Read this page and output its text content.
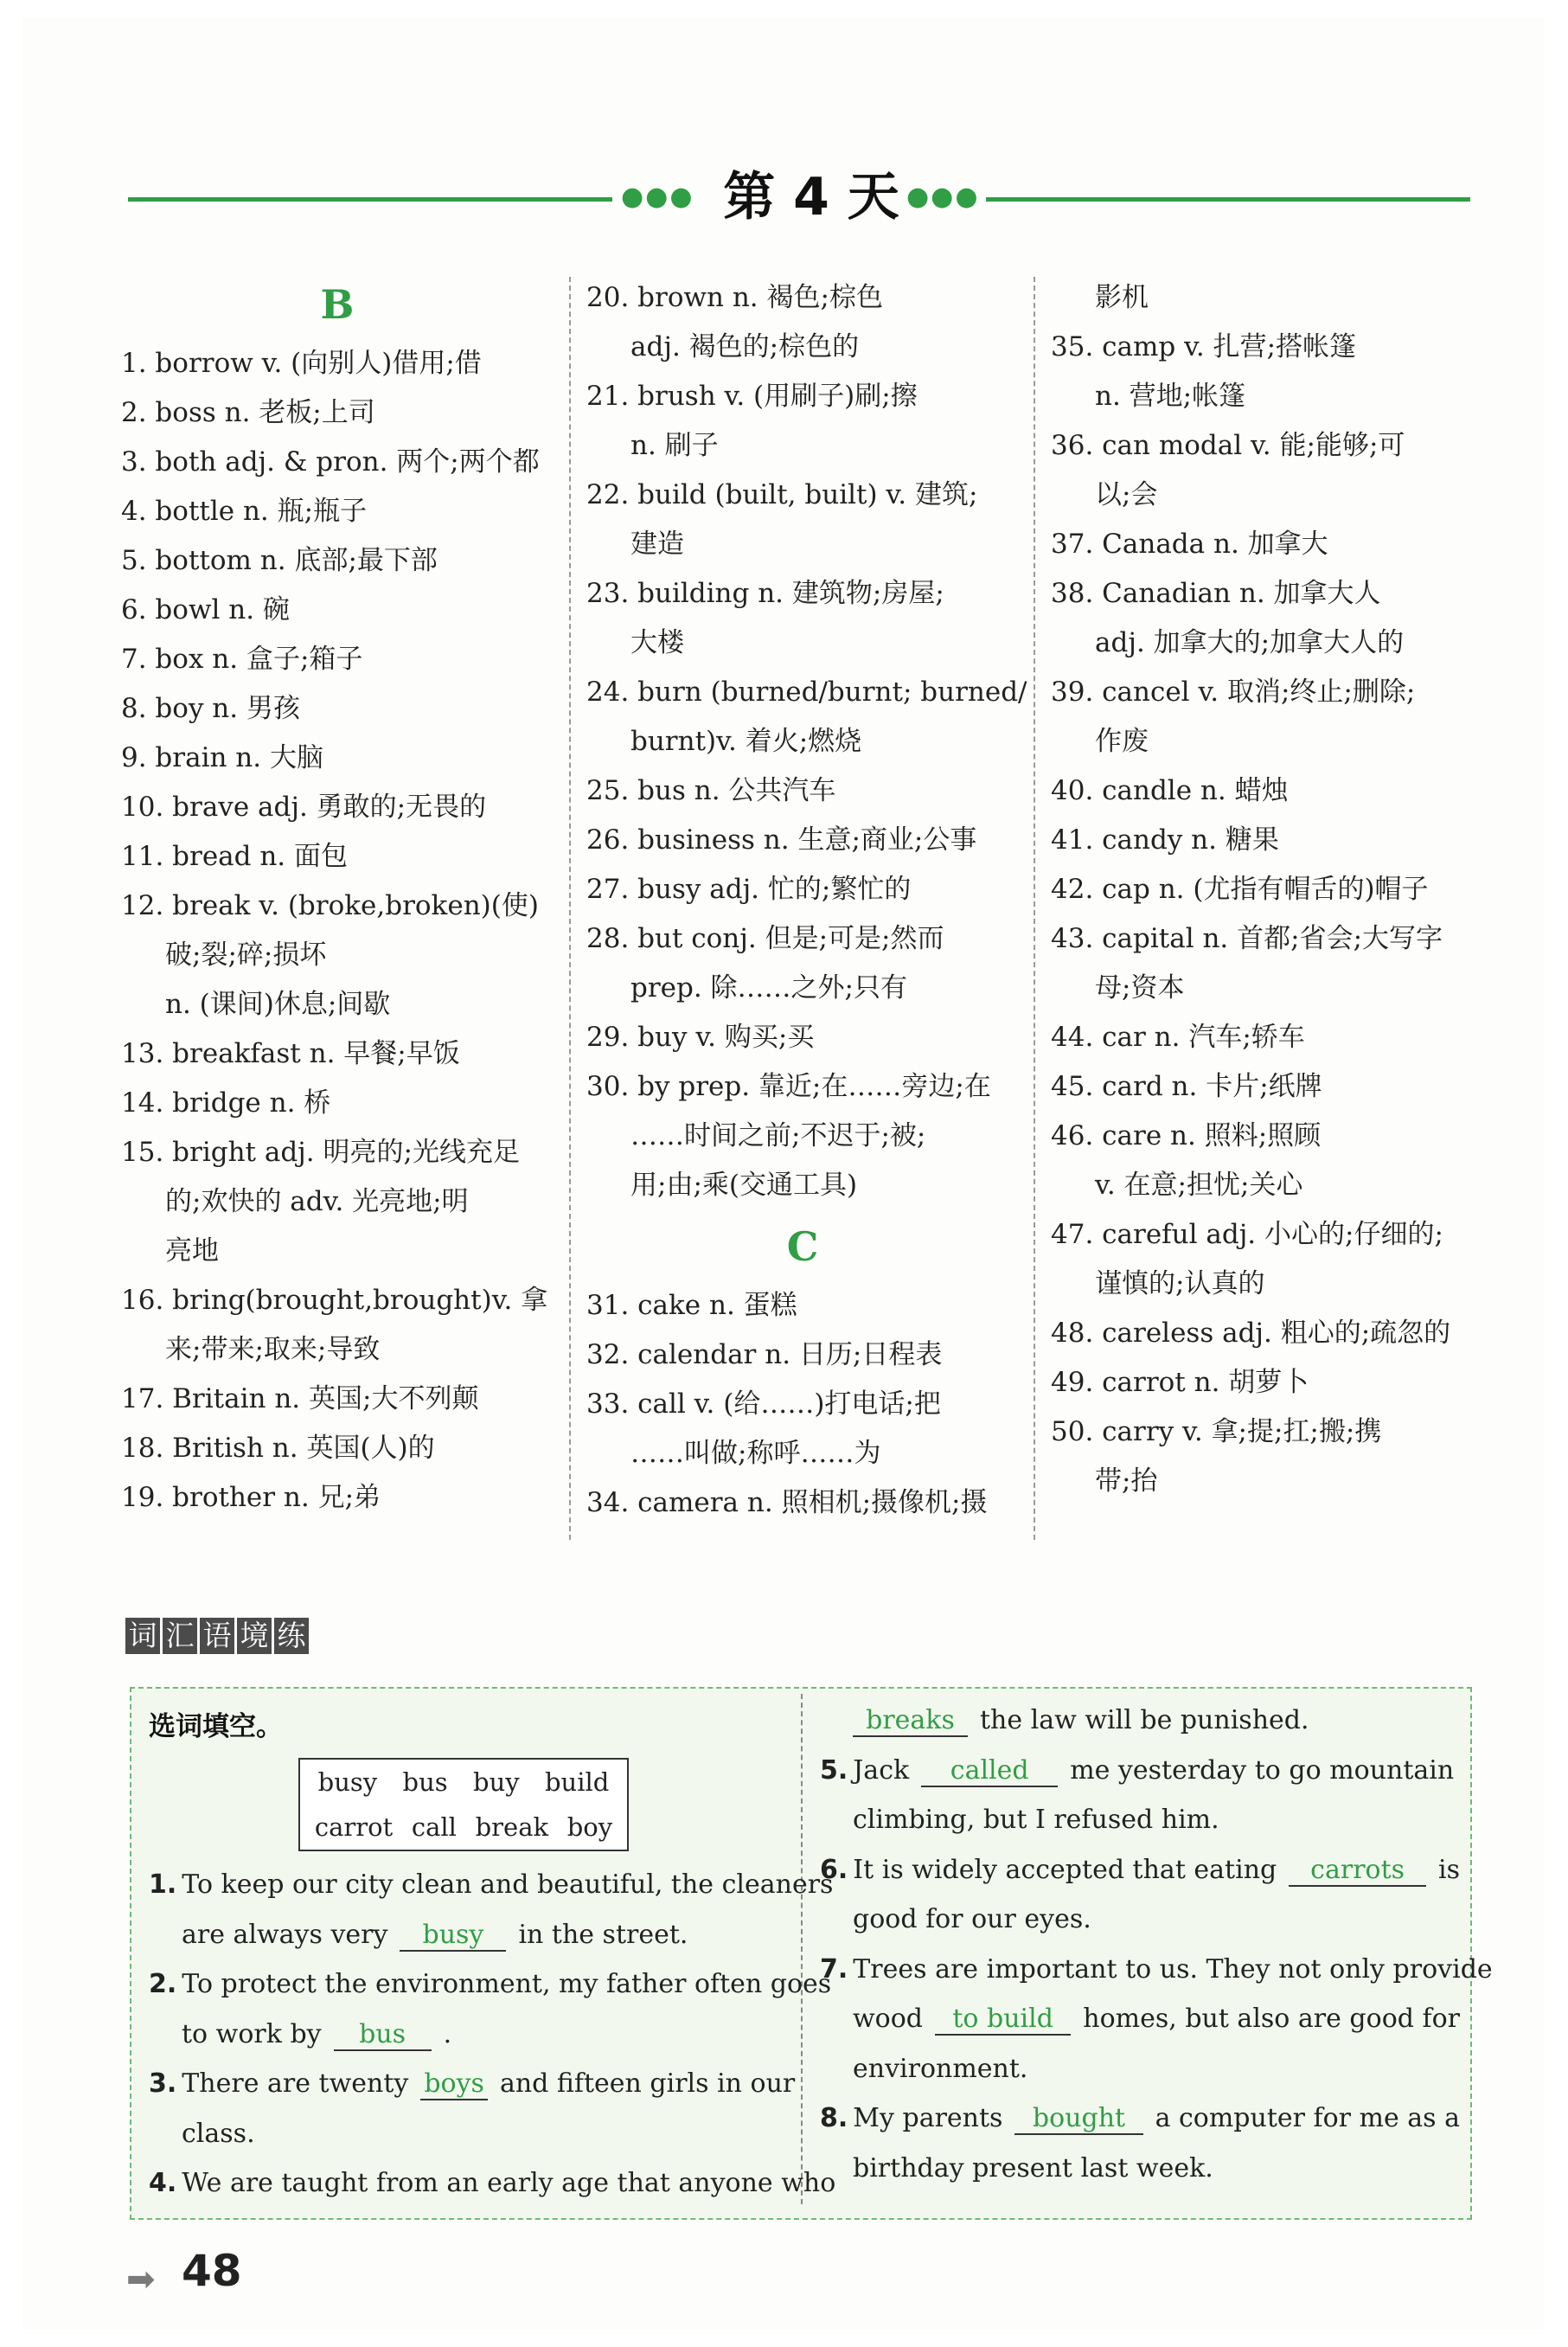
●●● 第 4 天 ●●●
B
1. borrow v. (向别人)借用;借
2. boss n. 老板;上司
3. both adj. & pron. 两个;两个都
4. bottle n. 瓶;瓶子
5. bottom n. 底部;最下部
6. bowl n. 碗
7. box n. 盒子;箱子
8. boy n. 男孩
9. brain n. 大脑
10. brave adj. 勇敢的;无畏的
11. bread n. 面包
12. break v. (broke,broken)(使)
破;裂;碎;损坏
n. (课间)休息;间歇
13. breakfast n. 早餐;早饭
14. bridge n. 桥
15. bright adj. 明亮的;光线充足
的;欢快的 adv. 光亮地;明
亮地
16. bring(brought,brought)v. 拿
来;带来;取来;导致
17. Britain n. 英国;大不列颠
18. British n. 英国(人)的
19. brother n. 兄;弟
20. brown n. 褐色;棕色
adj. 褐色的;棕色的
21. brush v. (用刷子)刷;擦
n. 刷子
22. build (built, built) v. 建筑;
建造
23. building n. 建筑物;房屋;
大楼
24. burn (burned/burnt; burned/
burnt)v. 着火;燃烧
25. bus n. 公共汽车
26. business n. 生意;商业;公事
27. busy adj. 忙的;繁忙的
28. but conj. 但是;可是;然而
prep. 除……之外;只有
29. buy v. 购买;买
30. by prep. 靠近;在……旁边;在
……时间之前;不迟于;被;
用;由;乘(交通工具)
C
31. cake n. 蛋糕
32. calendar n. 日历;日程表
33. call v. (给……)打电话;把
……叫做;称呼……为
34. camera n. 照相机;摄像机;摄
影机
35. camp v. 扎营;搭帐篷
n. 营地;帐篷
36. can modal v. 能;能够;可
以;会
37. Canada n. 加拿大
38. Canadian n. 加拿大人
adj. 加拿大的;加拿大人的
39. cancel v. 取消;终止;删除;
作废
40. candle n. 蜡烛
41. candy n. 糖果
42. cap n. (尤指有帽舌的)帽子
43. capital n. 首都;省会;大写字
母;资本
44. car n. 汽车;轿车
45. card n. 卡片;纸牌
46. care n. 照料;照顾
v. 在意;担忧;关心
47. careful adj. 小心的;仔细的;
谨慎的;认真的
48. careless adj. 粗心的;疏忽的
49. carrot n. 胡萝卜
50. carry v. 拿;提;扛;搬;携
带;抬
词 汇 语 境 练
选词填空。
busy bus buy build
carrot call break boy
1. To keep our city clean and beautiful, the cleaners
are always very	busy	in the street.
2. To protect the environment, my father often goes
to work by	bus	.
3. There are twenty boys and fifteen girls in our
class.
4. We are taught from an early age that anyone who
breaks the law will be punished.
5. Jack	called	me yesterday to go mountain
climbing, but I refused him.
6. It is widely accepted that eating	carrots	is
good for our eyes.
7. Trees are important to us. They not only provide
wood	to build	homes, but also are good for
environment.
8. My parents	bought	a computer for me as a
birthday present last week.
➡ 48
